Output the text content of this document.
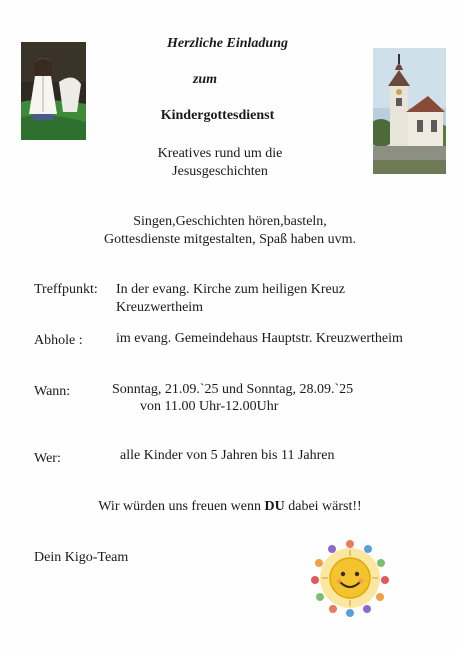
Herzliche Einladung
zum
Kindergottesdienst
Kreatives rund um die
Jesusgeschichten
Singen,Geschichten hören,basteln,
Gottesdienste mitgestalten, Spaß haben uvm.
Treffpunkt: In der evang. Kirche zum heiligen Kreuz
Kreuzwertheim
Abhole : im evang. Gemeindehaus Hauptstr. Kreuzwertheim
Wann:	Sonntag, 21.09.`25 und Sonntag, 28.09.`25
von 11.00 Uhr-12.00Uhr
Wer:	alle Kinder von 5 Jahren bis 11 Jahren
Wir würden uns freuen wenn DU dabei wärst!!
Dein Kigo-Team
